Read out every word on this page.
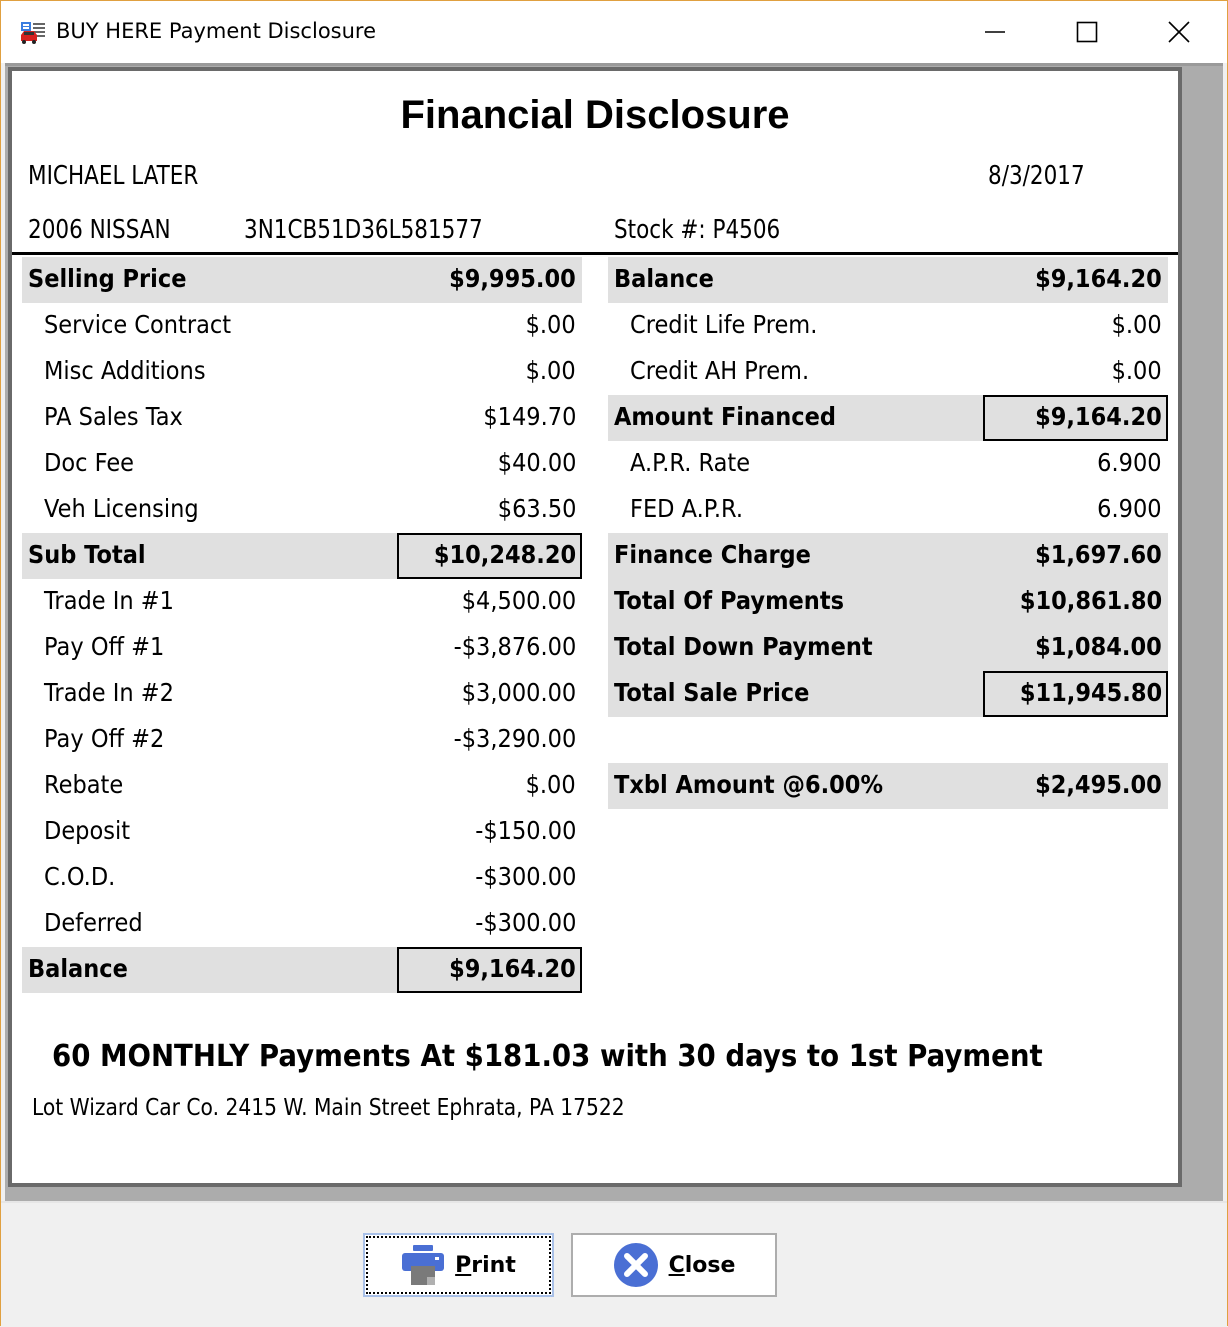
BUY HERE Payment Disclosure
Financial Disclosure
MICHAEL LATER	8/3/2017
2006 NISSAN	3N1CB51D36L581577	Stock #: P4506
Selling Price	$9,995.00
Service Contract	$.00
Misc Additions	$.00
PA Sales Tax	$149.70
Doc Fee	$40.00
Veh Licensing	$63.50
Sub Total	$10,248.20
Trade In #1	$4,500.00
Pay Off #1	-$3,876.00
Trade In #2	$3,000.00
Pay Off #2	-$3,290.00
Rebate	$.00
Deposit	-$150.00
C.O.D.	-$300.00
Deferred	-$300.00
Balance	$9,164.20
Balance	$9,164.20
Credit Life Prem.	$.00
Credit AH Prem.	$.00
Amount Financed	$9,164.20
A.P.R. Rate	6.900
FED A.P.R.	6.900
Finance Charge	$1,697.60
Total Of Payments	$10,861.80
Total Down Payment	$1,084.00
Total Sale Price	$11,945.80
Txbl Amount @6.00%	$2,495.00
60 MONTHLY Payments At $181.03 with 30 days to 1st Payment
Lot Wizard Car Co. 2415 W. Main Street Ephrata, PA 17522
Print	Close
